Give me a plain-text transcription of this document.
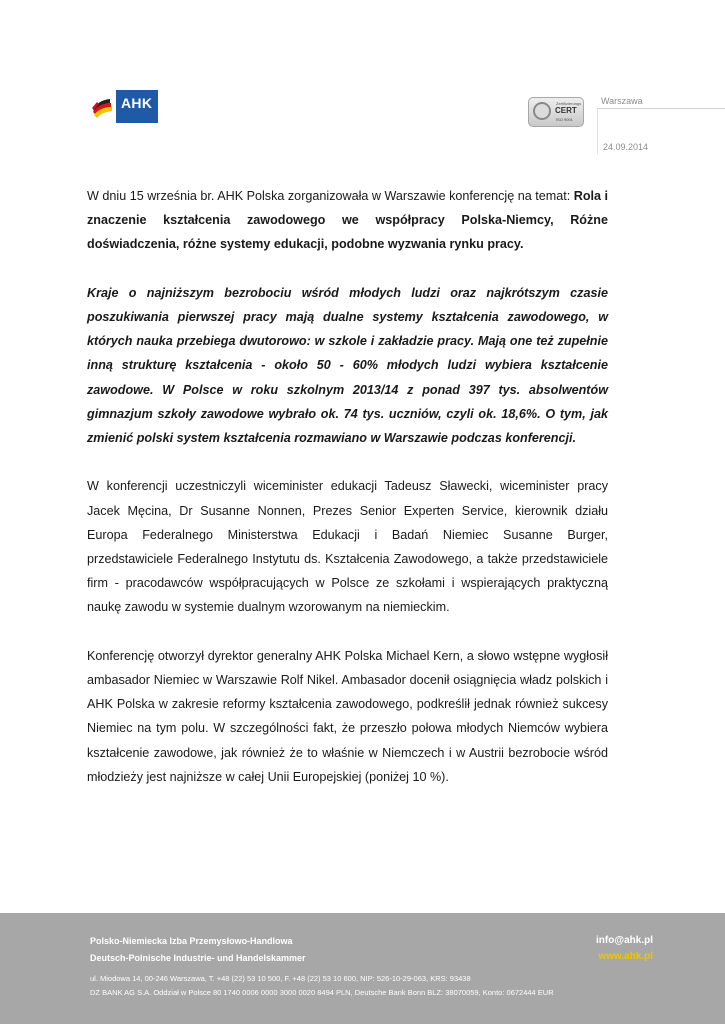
AHK	Zertifizierungs
CERT
ISO 9001
Warszawa
24.09.2014

W dniu 15 września br. AHK Polska zorganizowała w Warszawie konferencję na temat: Rola i znaczenie kształcenia zawodowego we współpracy Polska-Niemcy, Różne doświadczenia, różne systemy edukacji, podobne wyzwania rynku pracy.

Kraje o najniższym bezrobociu wśród młodych ludzi oraz najkrótszym czasie poszukiwania pierwszej pracy mają dualne systemy kształcenia zawodowego, w których nauka przebiega dwutorowo: w szkole i zakładzie pracy. Mają one też zupełnie inną strukturę kształcenia - około 50 - 60% młodych ludzi wybiera kształcenie zawodowe. W Polsce w roku szkolnym 2013/14 z ponad 397 tys. absolwentów gimnazjum szkoły zawodowe wybrało ok. 74 tys. uczniów, czyli ok. 18,6%. O tym, jak zmienić polski system kształcenia rozmawiano w Warszawie podczas konferencji.

W konferencji uczestniczyli wiceminister edukacji Tadeusz Sławecki, wiceminister pracy Jacek Męcina, Dr Susanne Nonnen, Prezes Senior Experten Service, kierownik działu Europa Federalnego Ministerstwa Edukacji i Badań Niemiec Susanne Burger, przedstawiciele Federalnego Instytutu ds. Kształcenia Zawodowego, a także przedstawiciele firm - pracodawców współpracujących w Polsce ze szkołami i wspierających praktyczną naukę zawodu w systemie dualnym wzorowanym na niemieckim.

Konferencję otworzył dyrektor generalny AHK Polska Michael Kern, a słowo wstępne wygłosił ambasador Niemiec w Warszawie Rolf Nikel. Ambasador docenił osiągnięcia władz polskich i AHK Polska w zakresie reformy kształcenia zawodowego, podkreślił jednak również sukcesy Niemiec na tym polu. W szczególności fakt, że przeszło połowa młodych Niemców wybiera kształcenie zawodowe, jak również że to właśnie w Niemczech i w Austrii bezrobocie wśród młodzieży jest najniższe w całej Unii Europejskiej (poniżej 10 %).

Polsko-Niemiecka Izba Przemysłowo-Handlowa
Deutsch-Polnische Industrie- und Handelskammer
ul. Miodowa 14, 00-246 Warszawa, T. +48 (22) 53 10 500, F. +48 (22) 53 10 600, NIP: 526-10-29-063, KRS: 93438
DZ BANK AG S.A. Oddział w Polsce 80 1740 0006 0000 3000 0020 8494 PLN, Deutsche Bank Bonn BLZ: 38070059, Konto: 0672444 EUR
info@ahk.pl
www.ahk.pl
